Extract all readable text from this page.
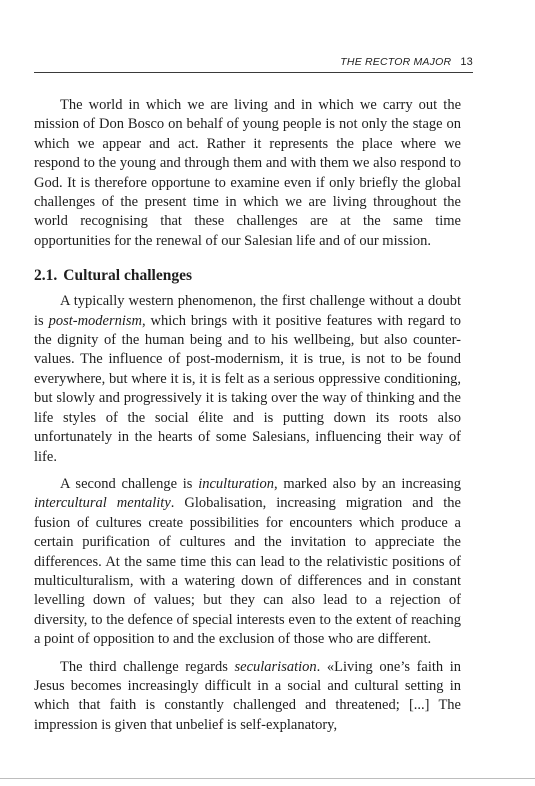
THE RECTOR MAJOR 13

The world in which we are living and in which we carry out the mission of Don Bosco on behalf of young people is not only the stage on which we appear and act. Rather it represents the place where we respond to the young and through them and with them we also respond to God. It is therefore opportune to examine even if only briefly the global challenges of the present time in which we are living throughout the world recognising that these challenges are at the same time opportunities for the renewal of our Salesian life and of our mission.

2.1. Cultural challenges

A typically western phenomenon, the first challenge without a doubt is post-modernism, which brings with it positive features with regard to the dignity of the human being and to his wellbeing, but also counter-values. The influence of post-modernism, it is true, is not to be found everywhere, but where it is, it is felt as a serious oppressive conditioning, but slowly and progressively it is taking over the way of thinking and the life styles of the social élite and is putting down its roots also unfortunately in the hearts of some Salesians, influencing their way of life.

A second challenge is inculturation, marked also by an increasing intercultural mentality. Globalisation, increasing migration and the fusion of cultures create possibilities for encounters which produce a certain purification of cultures and the invitation to appreciate the differences. At the same time this can lead to the relativistic positions of multiculturalism, with a watering down of differences and in constant levelling down of values; but they can also lead to a rejection of diversity, to the defence of special interests even to the extent of reaching a point of opposition to and the exclusion of those who are different.

The third challenge regards secularisation. «Living one’s faith in Jesus becomes increasingly difficult in a social and cultural setting in which that faith is constantly challenged and threatened; [...] The impression is given that unbelief is self-explanatory,
